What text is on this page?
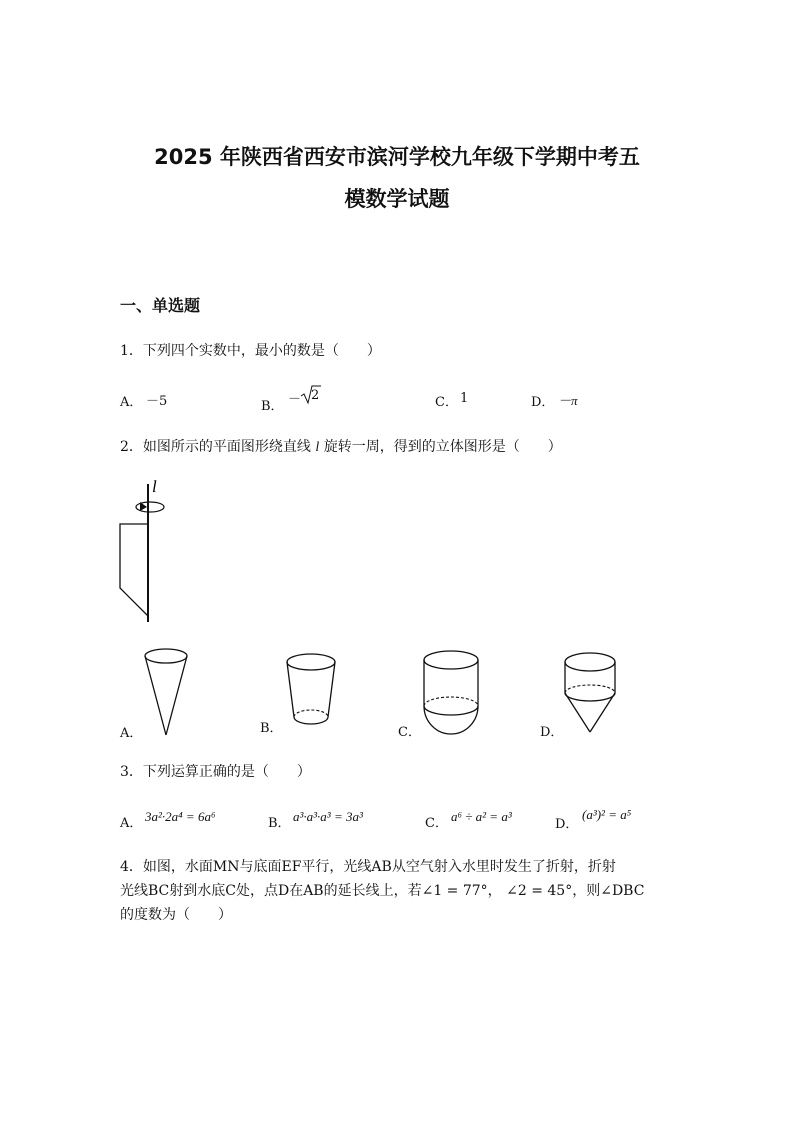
2025 年陕西省西安市滨河学校九年级下学期中考五
模数学试题
一、单选题
1．下列四个实数中，最小的数是（　　）
A． －5	B． － 2	C． 1	D． －π
2．如图所示的平面图形绕直线 l 旋转一周，得到的立体图形是（　　）
l
A．	B．	C．	D．
3．下列运算正确的是（　　）
A． 3a²·2a⁴ = 6a⁶	B． a³·a³·a³ = 3a³	C． a⁶ ÷ a² = a³
D．
(a³)² = a⁵
4．如图，水面MN与底面EF平行，光线AB从空气射入水里时发生了折射，折射
光线BC射到水底C处，点D在AB的延长线上，若∠1 = 77°， ∠2 = 45°，则∠DBC
的度数为（　　）
